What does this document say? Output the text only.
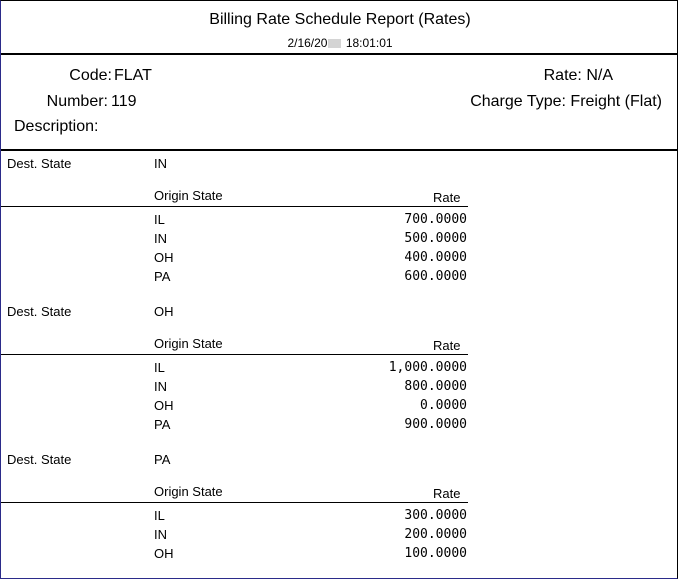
Billing Rate Schedule Report (Rates)
2/16/20 18:01:01
Code: FLAT
Number: 119
Description:
Rate: N/A
Charge Type: Freight (Flat)
Dest. State	IN
Origin State	Rate
IL	700.0000
IN	500.0000
OH	400.0000
PA	600.0000
Dest. State	OH
Origin State	Rate
IL	1,000.0000
IN	800.0000
OH	0.0000
PA	900.0000
Dest. State	PA
Origin State	Rate
IL	300.0000
IN	200.0000
OH	100.0000
